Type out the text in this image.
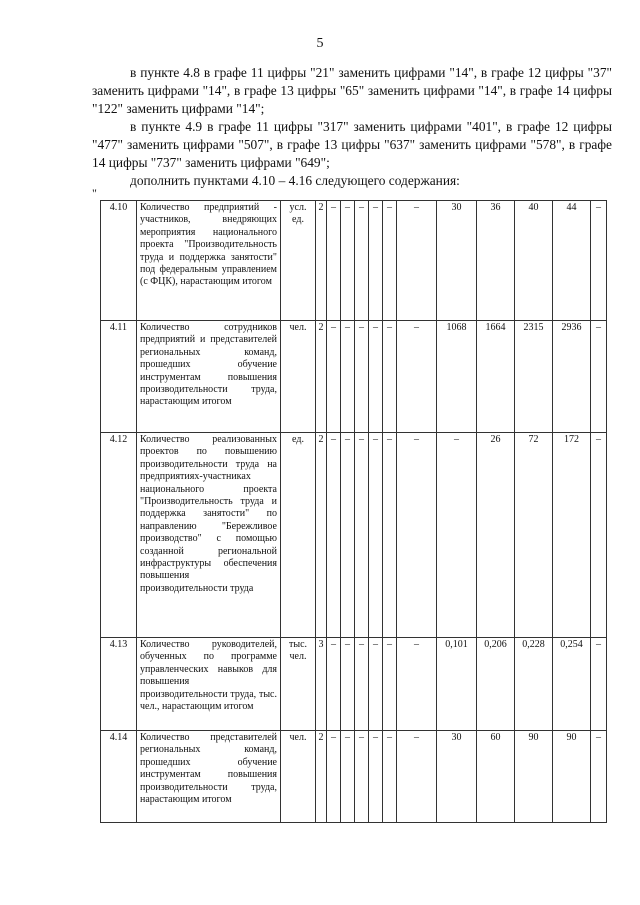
5

в пункте 4.8 в графе 11 цифры "21" заменить цифрами "14", в графе 12 цифры "37" заменить цифрами "14", в графе 13 цифры "65" заменить цифрами "14", в графе 14 цифры "122" заменить цифрами "14";

в пункте 4.9 в графе 11 цифры "317" заменить цифрами "401", в графе 12 цифры "477" заменить цифрами "507", в графе 13 цифры "637" заменить цифрами "578", в графе 14 цифры "737" заменить цифрами "649";

дополнить пунктами 4.10 – 4.16 следующего содержания:

"
4.10	Количество предприятий - участников, внедряющих мероприятия национального проекта "Производительность труда и поддержка занятости" под федеральным управлением (с ФЦК), нарастающим итогом	усл. ед.	2	–	–	–	–	–	–	30	36	40	44	–
4.11	Количество сотрудников предприятий и представителей региональных команд, прошедших обучение инструментам повышения производительности труда, нарастающим итогом	чел.	2	–	–	–	–	–	–	1068	1664	2315	2936	–
4.12	Количество реализованных проектов по повышению производительности труда на предприятиях-участниках национального проекта "Производительность труда и поддержка занятости" по направлению "Бережливое производство" с помощью созданной региональной инфраструктуры обеспечения повышения производительности труда	ед.	2	–	–	–	–	–	–	–	26	72	172	–
4.13	Количество руководителей, обученных по программе управленческих навыков для повышения производительности труда, тыс. чел., нарастающим итогом	тыс. чел.	3	–	–	–	–	–	–	0,101	0,206	0,228	0,254	–
4.14	Количество представителей региональных команд, прошедших обучение инструментам повышения производительности труда, нарастающим итогом	чел.	2	–	–	–	–	–	–	30	60	90	90	–
